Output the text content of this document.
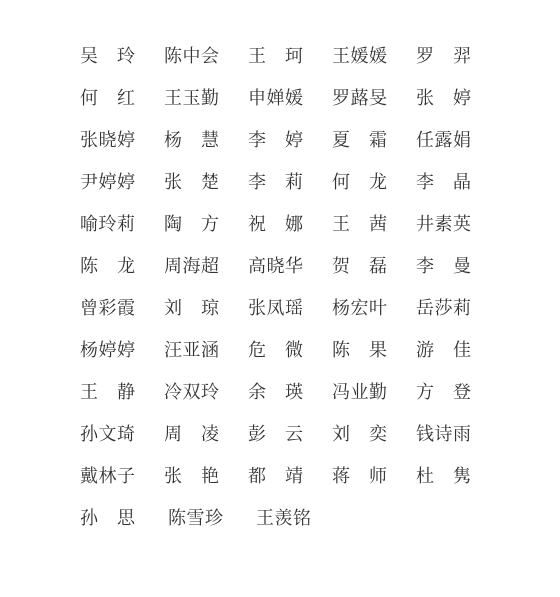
吴　玲	陈中会	王　珂	王媛媛	罗　羿
何　红	王玉勤	申婵媛	罗蕗旻	张　婷
张晓婷	杨　慧	李　婷	夏　霜	任露娟
尹婷婷	张　楚	李　莉	何　龙	李　晶
喻玲莉	陶　方	祝　娜	王　茜	井素英
陈　龙	周海超	高晓华	贺　磊	李　曼
曾彩霞	刘　琼	张凤瑶	杨宏叶	岳莎莉
杨婷婷	汪亚涵	危　微	陈　果	游　佳
王　静	冷双玲	余　瑛	冯业勤	方　登
孙文琦	周　凌	彭　云	刘　奕	钱诗雨
戴林子	张　艳	都　靖	蒋　师	杜　隽
孙　思	陈雪珍	王羡铭
